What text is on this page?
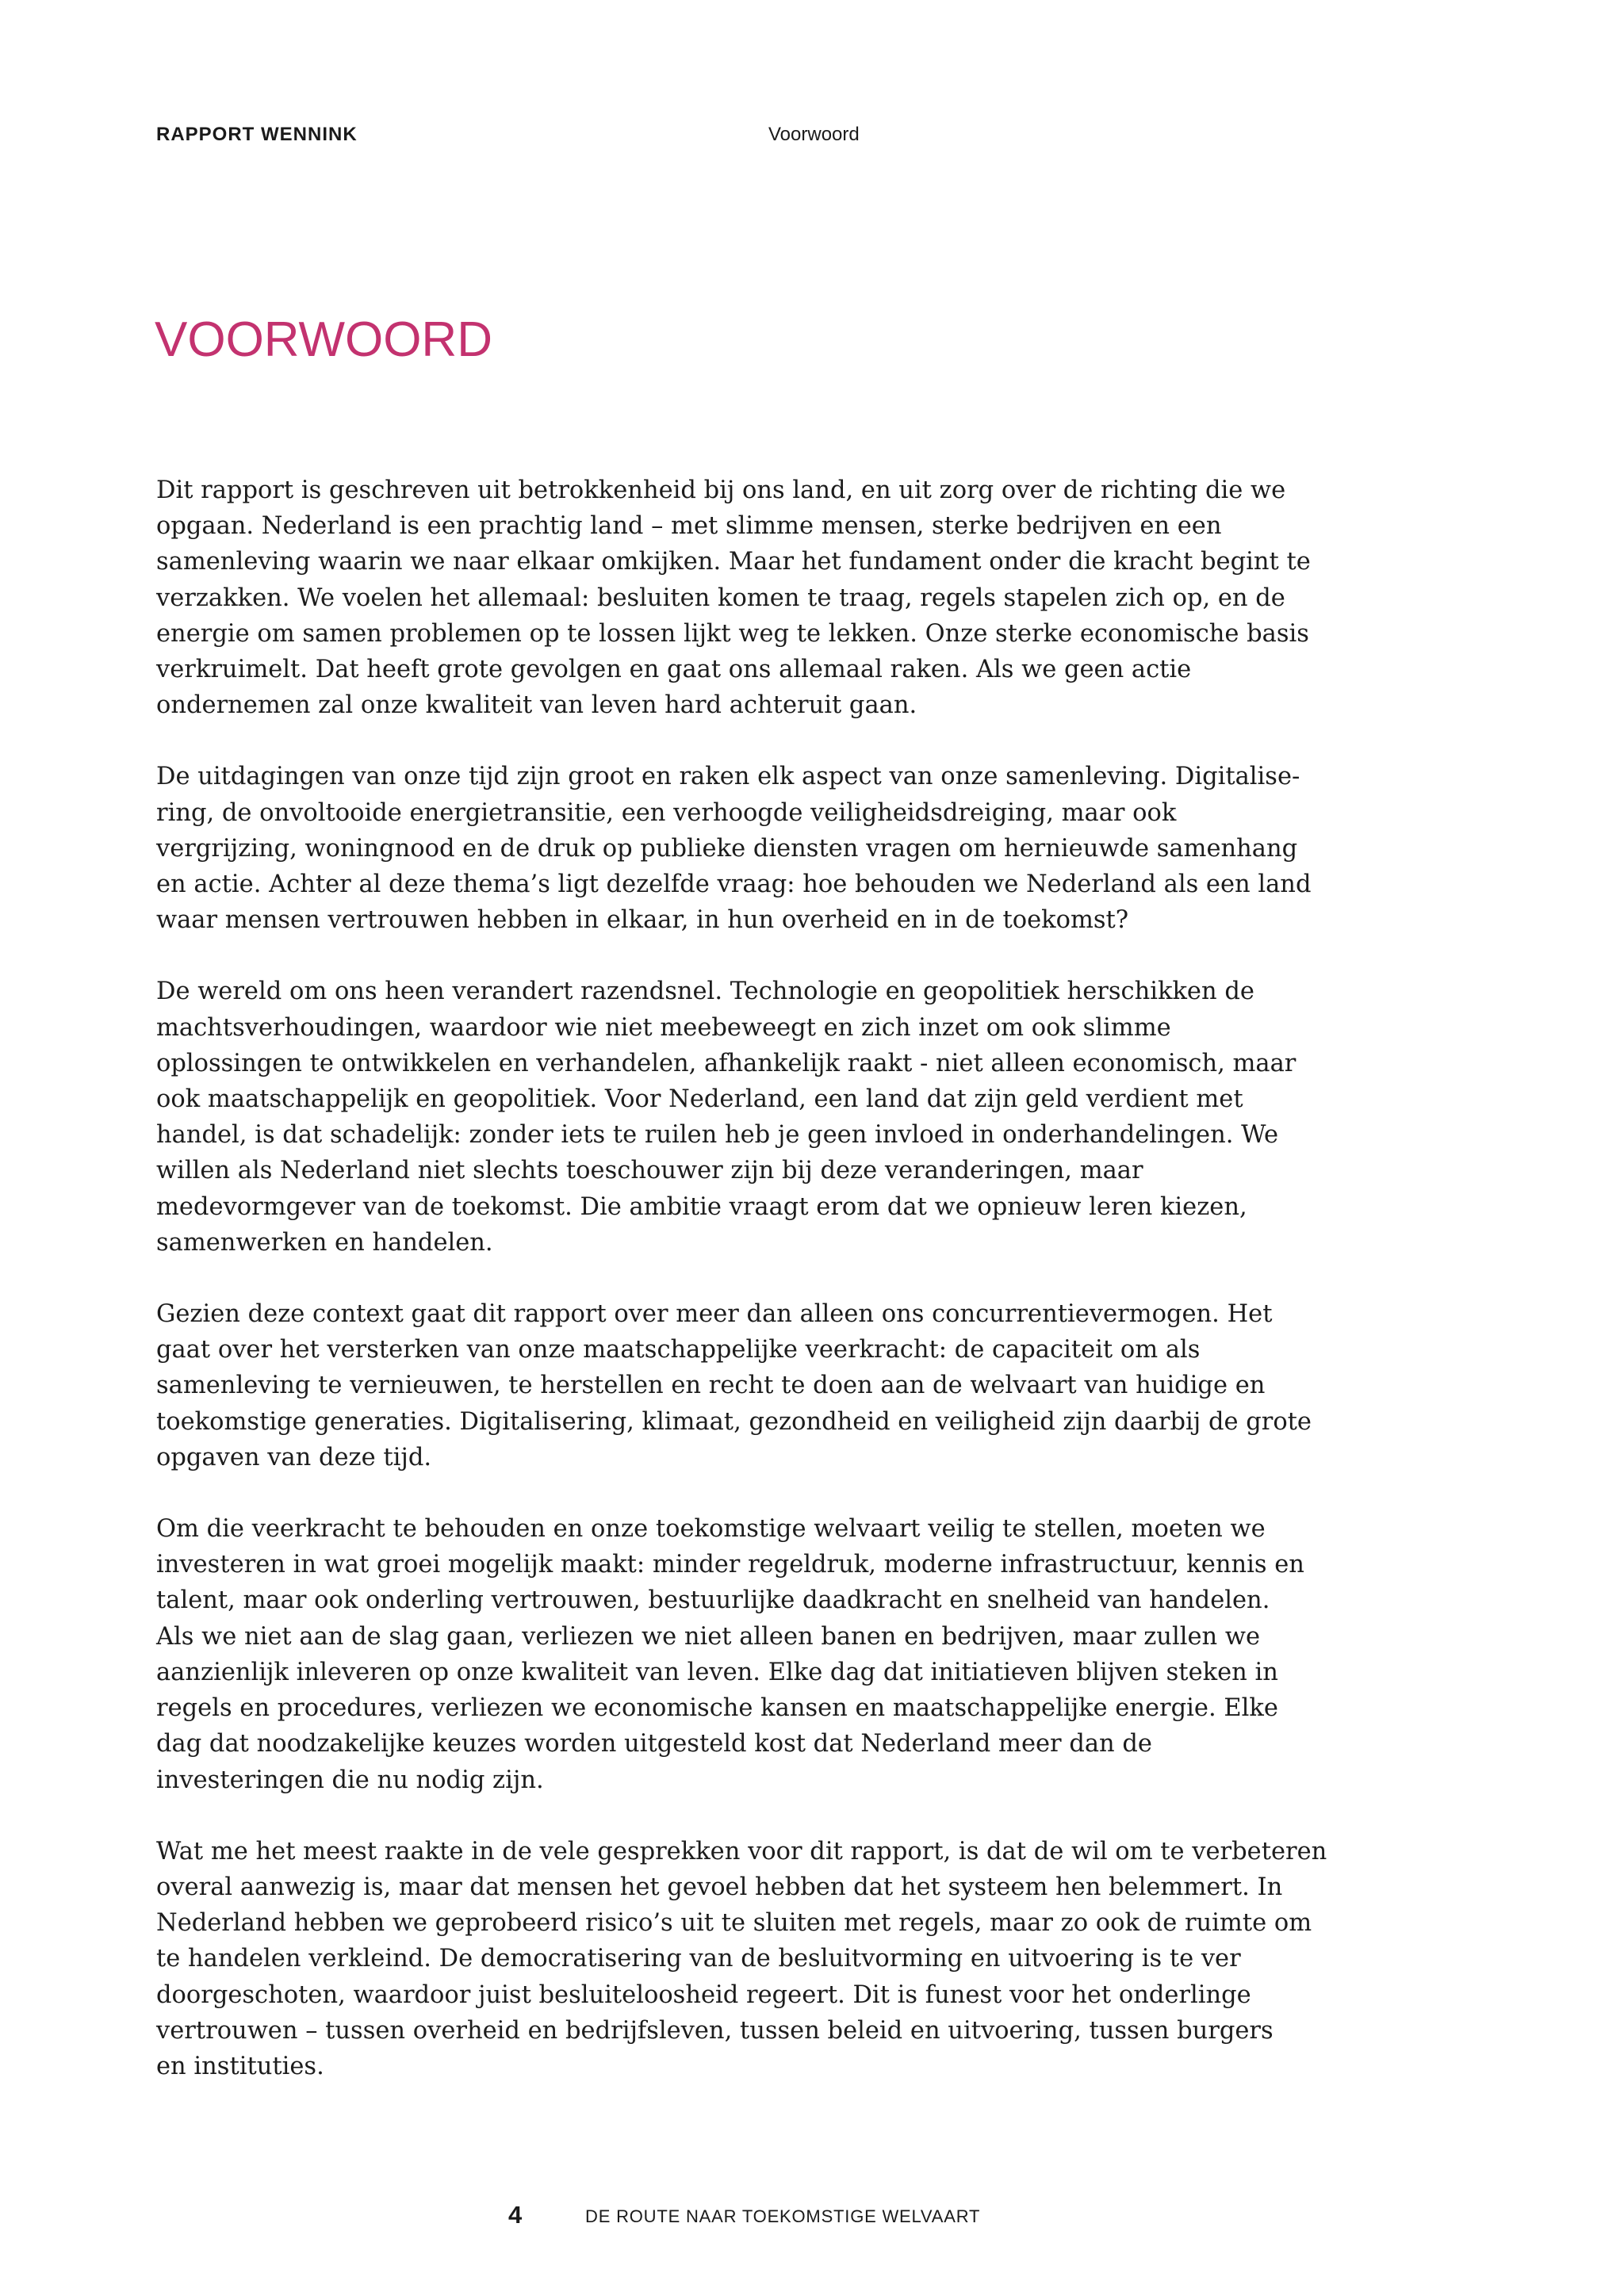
RAPPORT WENNINK	Voorwoord
VOORWOORD

Dit rapport is geschreven uit betrokkenheid bij ons land, en uit zorg over de richting die we
opgaan. Nederland is een prachtig land – met slimme mensen, sterke bedrijven en een
samenleving waarin we naar elkaar omkijken. Maar het fundament onder die kracht begint te
verzakken. We voelen het allemaal: besluiten komen te traag, regels stapelen zich op, en de
energie om samen problemen op te lossen lijkt weg te lekken. Onze sterke economische basis
verkruimelt. Dat heeft grote gevolgen en gaat ons allemaal raken. Als we geen actie
ondernemen zal onze kwaliteit van leven hard achteruit gaan.

De uitdagingen van onze tijd zijn groot en raken elk aspect van onze samenleving. Digitalise-
ring, de onvoltooide energietransitie, een verhoogde veiligheidsdreiging, maar ook
vergrijzing, woningnood en de druk op publieke diensten vragen om hernieuwde samenhang
en actie. Achter al deze thema’s ligt dezelfde vraag: hoe behouden we Nederland als een land
waar mensen vertrouwen hebben in elkaar, in hun overheid en in de toekomst?

De wereld om ons heen verandert razendsnel. Technologie en geopolitiek herschikken de
machtsverhoudingen, waardoor wie niet meebeweegt en zich inzet om ook slimme
oplossingen te ontwikkelen en verhandelen, afhankelijk raakt - niet alleen economisch, maar
ook maatschappelijk en geopolitiek. Voor Nederland, een land dat zijn geld verdient met
handel, is dat schadelijk: zonder iets te ruilen heb je geen invloed in onderhandelingen. We
willen als Nederland niet slechts toeschouwer zijn bij deze veranderingen, maar
medevormgever van de toekomst. Die ambitie vraagt erom dat we opnieuw leren kiezen,
samenwerken en handelen.

Gezien deze context gaat dit rapport over meer dan alleen ons concurrentievermogen. Het
gaat over het versterken van onze maatschappelijke veerkracht: de capaciteit om als
samenleving te vernieuwen, te herstellen en recht te doen aan de welvaart van huidige en
toekomstige generaties. Digitalisering, klimaat, gezondheid en veiligheid zijn daarbij de grote
opgaven van deze tijd.

Om die veerkracht te behouden en onze toekomstige welvaart veilig te stellen, moeten we
investeren in wat groei mogelijk maakt: minder regeldruk, moderne infrastructuur, kennis en
talent, maar ook onderling vertrouwen, bestuurlijke daadkracht en snelheid van handelen.
Als we niet aan de slag gaan, verliezen we niet alleen banen en bedrijven, maar zullen we
aanzienlijk inleveren op onze kwaliteit van leven. Elke dag dat initiatieven blijven steken in
regels en procedures, verliezen we economische kansen en maatschappelijke energie. Elke
dag dat noodzakelijke keuzes worden uitgesteld kost dat Nederland meer dan de
investeringen die nu nodig zijn.

Wat me het meest raakte in de vele gesprekken voor dit rapport, is dat de wil om te verbeteren
overal aanwezig is, maar dat mensen het gevoel hebben dat het systeem hen belemmert. In
Nederland hebben we geprobeerd risico’s uit te sluiten met regels, maar zo ook de ruimte om
te handelen verkleind. De democratisering van de besluitvorming en uitvoering is te ver
doorgeschoten, waardoor juist besluiteloosheid regeert. Dit is funest voor het onderlinge
vertrouwen – tussen overheid en bedrijfsleven, tussen beleid en uitvoering, tussen burgers
en instituties.

4	DE ROUTE NAAR TOEKOMSTIGE WELVAART
